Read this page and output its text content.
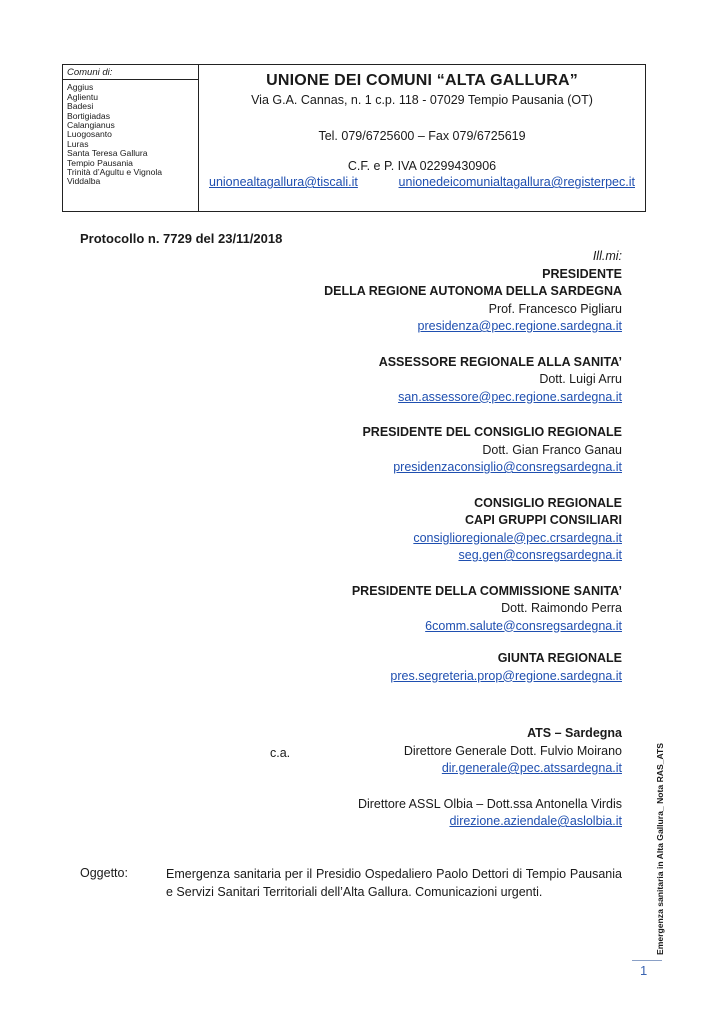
Comuni di:
Aggius
Aglientu
Badesi
Bortigiadas
Calangianus
Luogosanto
Luras
Santa Teresa Gallura
Tempio Pausania
Trinità d’Agultu e Vignola
Viddalba
UNIONE DEI COMUNI “ALTA GALLURA”
Via G.A. Cannas, n. 1 c.p. 118 - 07029 Tempio Pausania (OT)
Tel. 079/6725600 – Fax 079/6725619
C.F. e P. IVA 02299430906
unionealtagallura@tiscali.it	unionedeicomunialtagallura@registerpec.it
Protocollo n. 7729 del 23/11/2018
Ill.mi:
PRESIDENTE
DELLA REGIONE AUTONOMA DELLA SARDEGNA
Prof. Francesco Pigliaru
presidenza@pec.regione.sardegna.it
ASSESSORE REGIONALE ALLA SANITA’
Dott. Luigi Arru
san.assessore@pec.regione.sardegna.it
PRESIDENTE DEL CONSIGLIO REGIONALE
Dott. Gian Franco Ganau
presidenzaconsiglio@consregsardegna.it
CONSIGLIO REGIONALE
CAPI GRUPPI CONSILIARI
consiglioregionale@pec.crsardegna.it
seg.gen@consregsardegna.it
PRESIDENTE DELLA COMMISSIONE SANITA’
Dott. Raimondo Perra
6comm.salute@consregsardegna.it
GIUNTA REGIONALE
pres.segreteria.prop@regione.sardegna.it
ATS – Sardegna
Direttore Generale Dott. Fulvio Moirano
dir.generale@pec.atssardegna.it
Direttore ASSL Olbia – Dott.ssa Antonella Virdis
direzione.aziendale@aslolbia.it
c.a.
Oggetto:	Emergenza sanitaria per il Presidio Ospedaliero Paolo Dettori di Tempio Pausania e Servizi Sanitari Territoriali dell’Alta Gallura. Comunicazioni urgenti.	Emergenza sanitaria in Alta Gallura_ Nota RAS_ATS
1
